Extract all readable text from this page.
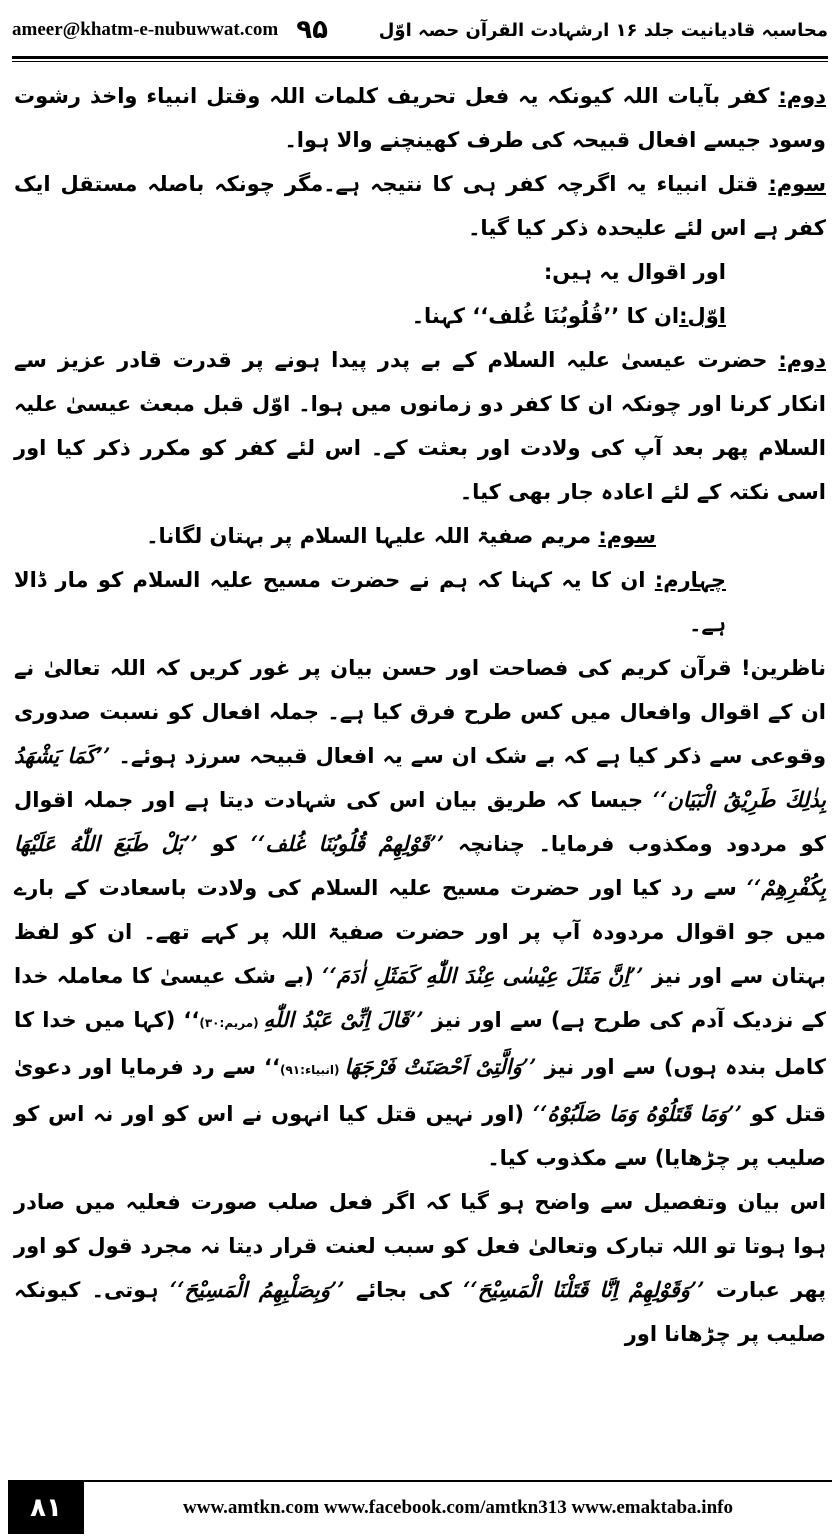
ameer@khatm-e-nubuwwat.com ۹۵	محاسبہ قادیانیت جلد ۱۶ ارشہادت القرآن حصہ اوّل

دوم: کفر بآیات اللہ کیونکہ یہ فعل تحریف کلمات اللہ وقتل انبیاء واخذ رشوت وسود جیسے افعال قبیحہ کی طرف کھینچنے والا ہوا۔

سوم: قتل انبیاء یہ اگرچہ کفر ہی کا نتیجہ ہے۔مگر چونکہ باصلہ مستقل ایک کفر ہے اس لئے علیحدہ ذکر کیا گیا۔

اور اقوال یہ ہیں:

اوّل:ان کا ’’قُلُوبُنَا غُلف‘‘ کہنا۔

دوم: حضرت عیسیٰ علیہ السلام کے بے پدر پیدا ہونے پر قدرت قادر عزیز سے انکار کرنا اور چونکہ ان کا کفر دو زمانوں میں ہوا۔ اوّل قبل مبعث عیسیٰ علیہ السلام پھر بعد آپ کی ولادت اور بعثت کے۔ اس لئے کفر کو مکرر ذکر کیا اور اسی نکتہ کے لئے اعادہ جار بھی کیا۔

سوم: مریم صفیۃ اللہ علیہا السلام پر بہتان لگانا۔

چہارم: ان کا یہ کہنا کہ ہم نے حضرت مسیح علیہ السلام کو مار ڈالا ہے۔

ناظرین! قرآن کریم کی فصاحت اور حسن بیان پر غور کریں کہ اللہ تعالیٰ نے ان کے اقوال وافعال میں کس طرح فرق کیا ہے۔ جملہ افعال کو نسبت صدوری وقوعی سے ذکر کیا ہے کہ بے شک ان سے یہ افعال قبیحہ سرزد ہوئے۔ ’’کَمَا یَشْهَدُ بِذٰلِكَ طَرِیْقُ الْبَیَان‘‘ جیسا کہ طریق بیان اس کی شہادت دیتا ہے اور جملہ اقوال کو مردود ومکذوب فرمایا۔ چنانچہ ’’قَوْلِهِمْ قُلُوبُنَا غُلف‘‘ کو ’’بَلْ طَبَعَ اللّٰهُ عَلَیْهَا بِكُفْرِهِمْ‘‘ سے رد کیا اور حضرت مسیح علیہ السلام کی ولادت باسعادت کے بارے میں جو اقوال مردودہ آپ پر اور حضرت صفیۃ اللہ پر کہے تھے۔ ان کو لفظ بہتان سے اور نیز ’’اِنَّ مَثَلَ عِیْسٰی عِنْدَ اللّٰهِ كَمَثَلِ اٰدَمَ‘‘ (بے شک عیسیٰ کا معاملہ خدا کے نزدیک آدم کی طرح ہے) سے اور نیز ’’قَالَ اِنِّیْ عَبْدُ اللّٰهِ (مریم:۳۰)‘‘ (کہا میں خدا کا کامل بندہ ہوں) سے اور نیز ’’وَالَّتِیْ اَحْصَنَتْ فَرْجَهَا (انبیاء:۹۱)‘‘ سے رد فرمایا اور دعویٰ قتل کو ’’وَمَا قَتَلُوْهُ وَمَا صَلَبُوْهُ‘‘ (اور نہیں قتل کیا انہوں نے اس کو اور نہ اس کو صلیب پر چڑھایا) سے مکذوب کیا۔

اس بیان وتفصیل سے واضح ہو گیا کہ اگر فعل صلب صورت فعلیہ میں صادر ہوا ہوتا تو اللہ تبارک وتعالیٰ فعل کو سبب لعنت قرار دیتا نہ مجرد قول کو اور پھر عبارت ’’وَقَوْلِهِمْ اِنَّا قَتَلْنَا الْمَسِیْحَ‘‘ کی بجائے ’’وَبِصَلْبِهِمُ الْمَسِیْحَ‘‘ ہوتی۔ کیونکہ صلیب پر چڑھانا اور

۸۱	www.amtkn.com www.facebook.com/amtkn313 www.emaktaba.info
